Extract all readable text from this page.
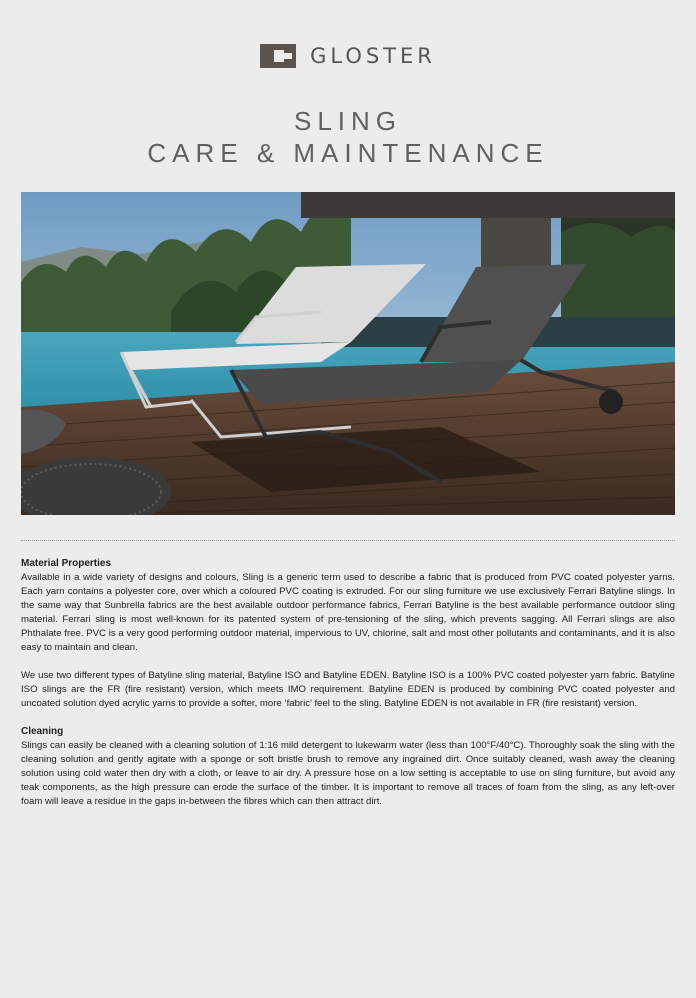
GLOSTER
SLING
CARE & MAINTENANCE

Material Properties

Available in a wide variety of designs and colours, Sling is a generic term used to describe a fabric that is produced from PVC coated polyester yarns. Each yarn contains a polyester core, over which a coloured PVC coating is extruded. For our sling furniture we use exclusively Ferrari Batyline slings. In the same way that Sunbrella fabrics are the best available outdoor performance fabrics, Ferrari Batyline is the best available performance outdoor sling material. Ferrari sling is most well-known for its patented system of pre-tensioning of the sling, which prevents sagging. All Ferrari slings are also Phthalate free. PVC is a very good performing outdoor material, impervious to UV, chlorine, salt and most other pollutants and contaminants, and it is also easy to maintain and clean.

We use two different types of Batyline sling material, Batyline ISO and Batyline EDEN. Batyline ISO is a 100% PVC coated polyester yarn fabric. Batyline ISO slings are the FR (fire resistant) version, which meets IMO requirement. Batyline EDEN is produced by combining PVC coated polyester and uncoated solution dyed acrylic yarns to provide a softer, more ‘fabric’ feel to the sling. Batyline EDEN is not available in FR (fire resistant) version.

Cleaning

Slings can easily be cleaned with a cleaning solution of 1:16 mild detergent to lukewarm water (less than 100°F/40°C). Thoroughly soak the sling with the cleaning solution and gently agitate with a sponge or soft bristle brush to remove any ingrained dirt. Once suitably cleaned, wash away the cleaning solution using cold water then dry with a cloth, or leave to air dry. A pressure hose on a low setting is acceptable to use on sling furniture, but avoid any teak components, as the high pressure can erode the surface of the timber. It is important to remove all traces of foam from the sling, as any left-over foam will leave a residue in the gaps in-between the fibres which can then attract dirt.
